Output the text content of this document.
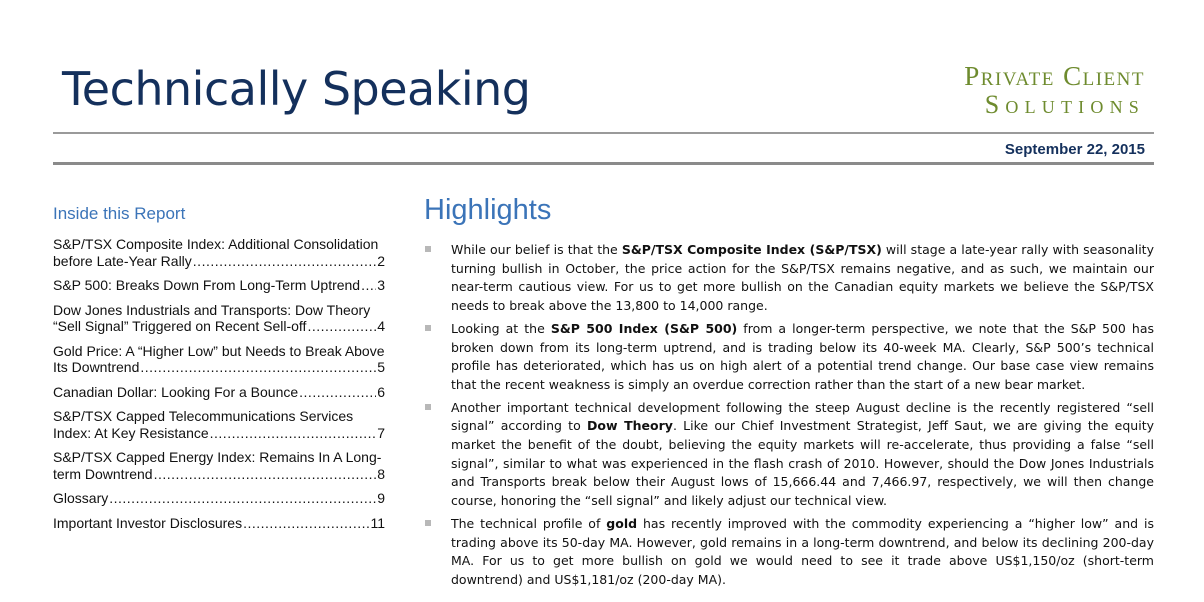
Technically Speaking	Private Client
Solutions
September 22, 2015
Inside this Report
S&P/TSX Composite Index: Additional Consolidation
before Late-Year Rally .....	2
S&P 500: Breaks Down From Long-Term Uptrend ..... 3
Dow Jones Industrials and Transports: Dow Theory
“Sell Signal” Triggered on Recent Sell-off .....	4
Gold Price: A “Higher Low” but Needs to Break Above
Its Downtrend .....	5
Canadian Dollar: Looking For a Bounce .....	6
S&P/TSX Capped Telecommunications Services
Index: At Key Resistance .....	7
S&P/TSX Capped Energy Index: Remains In A Long-
term Downtrend .....	8
Glossary .....	9
Important Investor Disclosures .....	11
Highlights
While our belief is that the S&P/TSX Composite Index (S&P/TSX) will stage a late-year rally with seasonality turning bullish in October, the price action for the S&P/TSX remains negative, and as such, we maintain our near-term cautious view. For us to get more bullish on the Canadian equity markets we believe the S&P/TSX needs to break above the 13,800 to 14,000 range.
Looking at the S&P 500 Index (S&P 500) from a longer-term perspective, we note that the S&P 500 has broken down from its long-term uptrend, and is trading below its 40-week MA. Clearly, S&P 500’s technical profile has deteriorated, which has us on high alert of a potential trend change. Our base case view remains that the recent weakness is simply an overdue correction rather than the start of a new bear market.
Another important technical development following the steep August decline is the recently registered “sell signal” according to Dow Theory. Like our Chief Investment Strategist, Jeff Saut, we are giving the equity market the benefit of the doubt, believing the equity markets will re-accelerate, thus providing a false “sell signal”, similar to what was experienced in the flash crash of 2010. However, should the Dow Jones Industrials and Transports break below their August lows of 15,666.44 and 7,466.97, respectively, we will then change course, honoring the “sell signal” and likely adjust our technical view.
The technical profile of gold has recently improved with the commodity experiencing a “higher low” and is trading above its 50-day MA. However, gold remains in a long-term downtrend, and below its declining 200-day MA. For us to get more bullish on gold we would need to see it trade above US$1,150/oz (short-term downtrend) and US$1,181/oz (200-day MA).
